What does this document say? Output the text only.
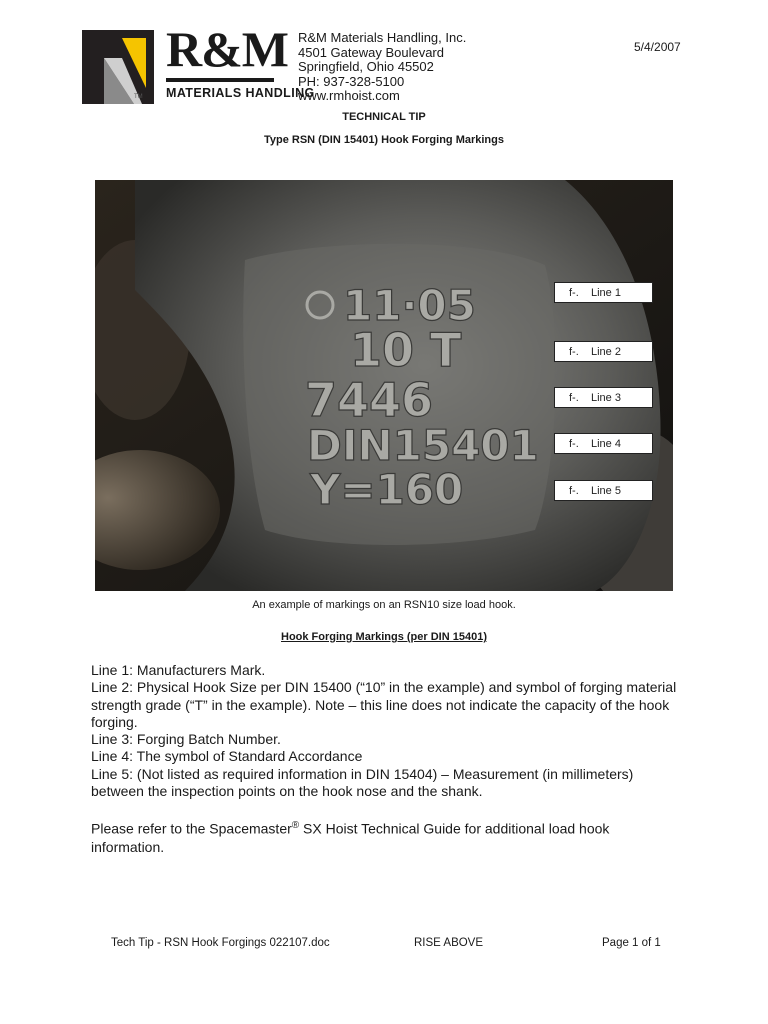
TM
R&M
MATERIALS HANDLING
R&M Materials Handling, Inc.
4501 Gateway Boulevard
Springfield, Ohio 45502
PH: 937-328-5100
www.rmhoist.com
5/4/2007
TECHNICAL TIP
Type RSN (DIN 15401) Hook Forging Markings
11·05
10 T
7446
DIN15401
Y=160
f-. Line 1
f-. Line 2
f-. Line 3
f-. Line 4
f-. Line 5
An example of markings on an RSN10 size load hook.
Hook Forging Markings (per DIN 15401)

Line 1: Manufacturers Mark.

Line 2: Physical Hook Size per DIN 15400 (“10” in the example) and symbol of forging material strength grade (“T” in the example). Note – this line does not indicate the capacity of the hook forging.

Line 3: Forging Batch Number.

Line 4: The symbol of Standard Accordance

Line 5: (Not listed as required information in DIN 15404) – Measurement (in millimeters) between the inspection points on the hook nose and the shank.

Please refer to the Spacemaster® SX Hoist Technical Guide for additional load hook information.
Tech Tip - RSN Hook Forgings 022107.doc	RISE ABOVE	Page 1 of 1
